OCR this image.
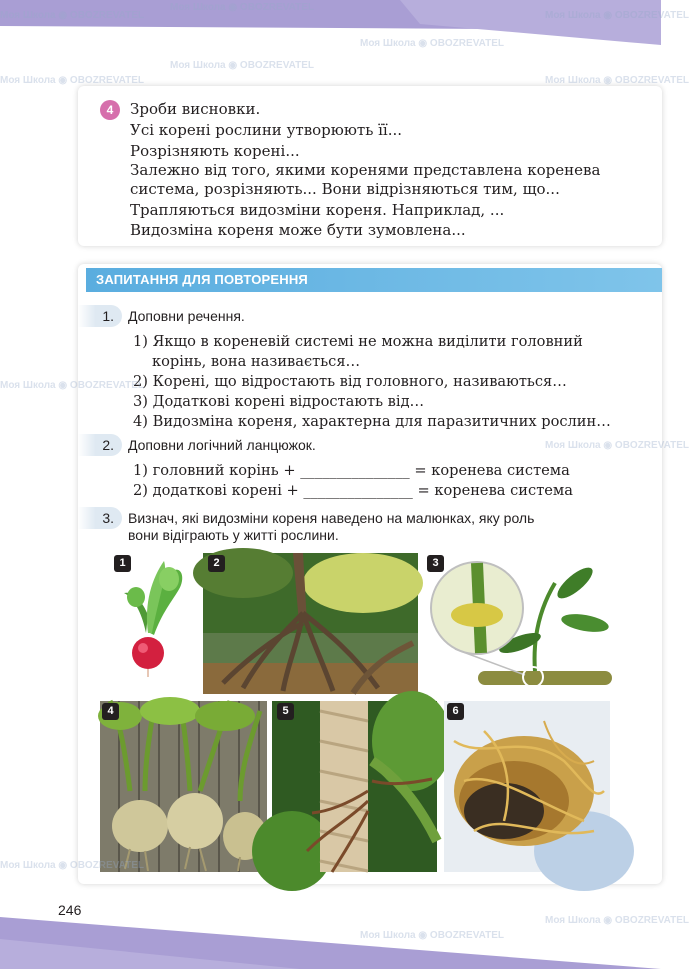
4	Зроби висновки.
Усі корені рослини утворюють її...
Розрізняють корені...
Залежно від того, якими коренями представлена коренева
система, розрізняють... Вони відрізняються тим, що...
Трапляються видозміни кореня. Наприклад, ...
Видозміна кореня може бути зумовлена...
ЗАПИТАННЯ ДЛЯ ПОВТОРЕННЯ
1.	Доповни речення.
1) Якщо в кореневій системі не можна виділити головний
корінь, вона називається…
2) Корені, що відростають від головного, називаються…
3) Додаткові корені відростають від…
4) Видозміна кореня, характерна для паразитичних рослин…
2.	Доповни логічний ланцюжок.
1) головний корінь + _______________ = коренева система
2) додаткові корені + _______________ = коренева система
3.	Визнач, які видозміни кореня наведено на малюнках, яку роль
вони відіграють у житті рослини.
1	2	3
4	5	6
246
Моя Школа ◉ OBOZREVATEL
Моя Школа ◉ OBOZREVATEL	Моя Школа ◉ OBOZREVATEL
Моя Школа ◉ OBOZREVATEL
Моя Школа ◉ OBOZREVATEL
Моя Школа ◉ OBOZREVATEL	Моя Школа ◉ OBOZREVATEL
Моя Школа ◉ OBOZREVATEL
Моя Школа ◉ OBOZREVATEL
Моя Школа ◉ OBOZREVATEL
Моя Школа ◉ OBOZREVATEL
Моя Школа ◉ OBOZREVATEL
